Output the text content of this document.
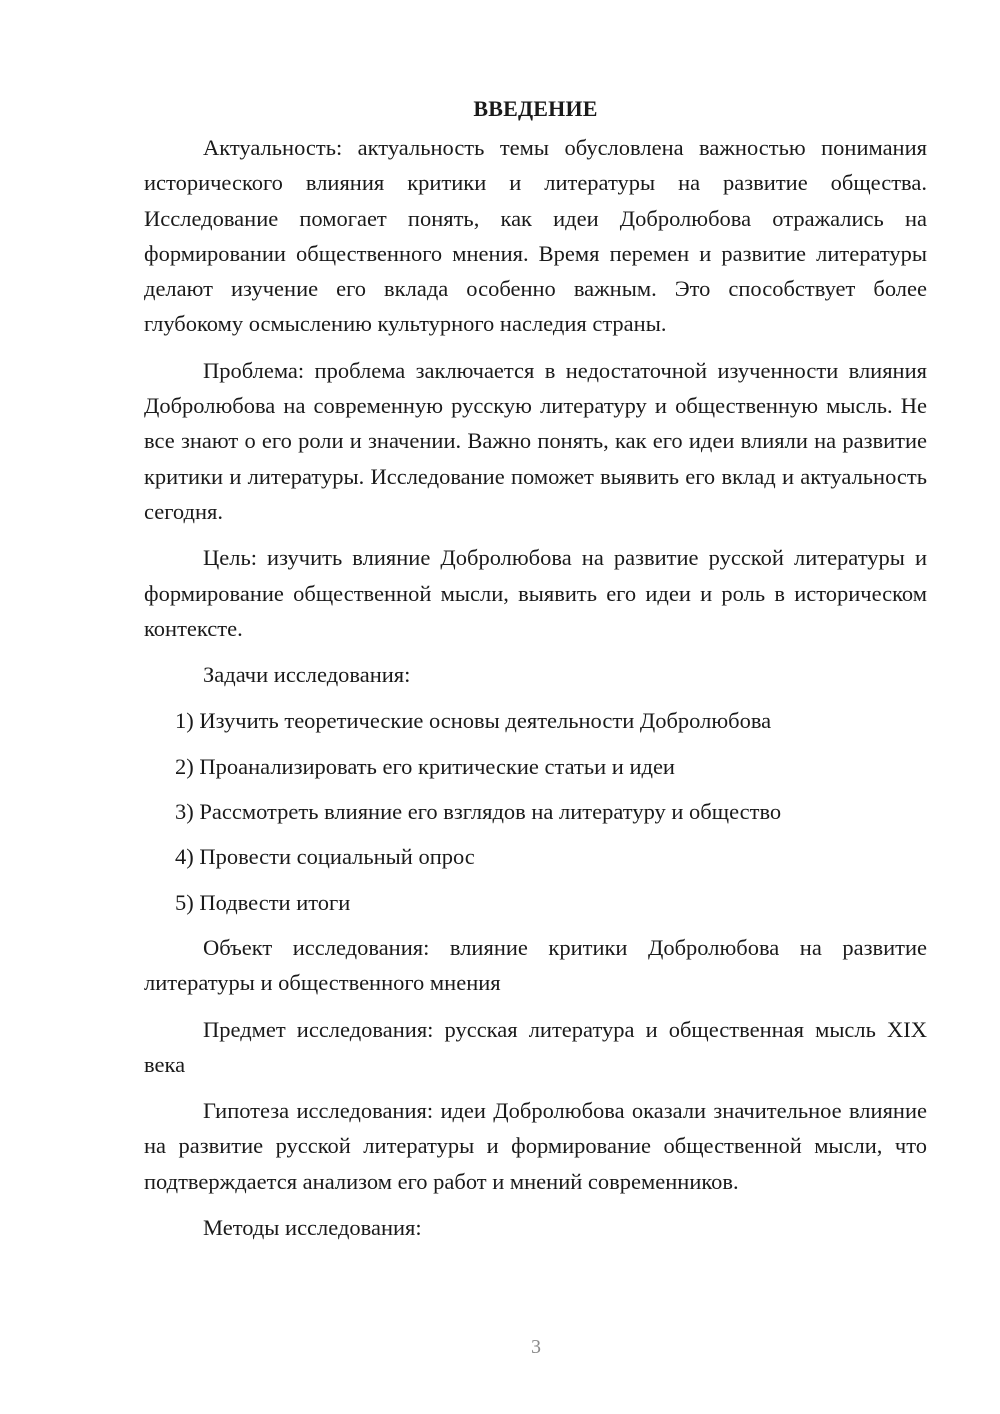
ВВЕДЕНИЕ

Актуальность: актуальность темы обусловлена важностью понимания исторического влияния критики и литературы на развитие общества. Исследование помогает понять, как идеи Добролюбова отражались на формировании общественного мнения. Время перемен и развитие литературы делают изучение его вклада особенно важным. Это способствует более глубокому осмыслению культурного наследия страны.

Проблема: проблема заключается в недостаточной изученности влияния Добролюбова на современную русскую литературу и общественную мысль. Не все знают о его роли и значении. Важно понять, как его идеи влияли на развитие критики и литературы. Исследование поможет выявить его вклад и актуальность сегодня.

Цель: изучить влияние Добролюбова на развитие русской литературы и формирование общественной мысли, выявить его идеи и роль в историческом контексте.

Задачи исследования:

1) Изучить теоретические основы деятельности Добролюбова
2) Проанализировать его критические статьи и идеи
3) Рассмотреть влияние его взглядов на литературу и общество
4) Провести социальный опрос
5) Подвести итоги

Объект исследования: влияние критики Добролюбова на развитие литературы и общественного мнения

Предмет исследования: русская литература и общественная мысль XIX века

Гипотеза исследования: идеи Добролюбова оказали значительное влияние на развитие русской литературы и формирование общественной мысли, что подтверждается анализом его работ и мнений современников.

Методы исследования:

3
